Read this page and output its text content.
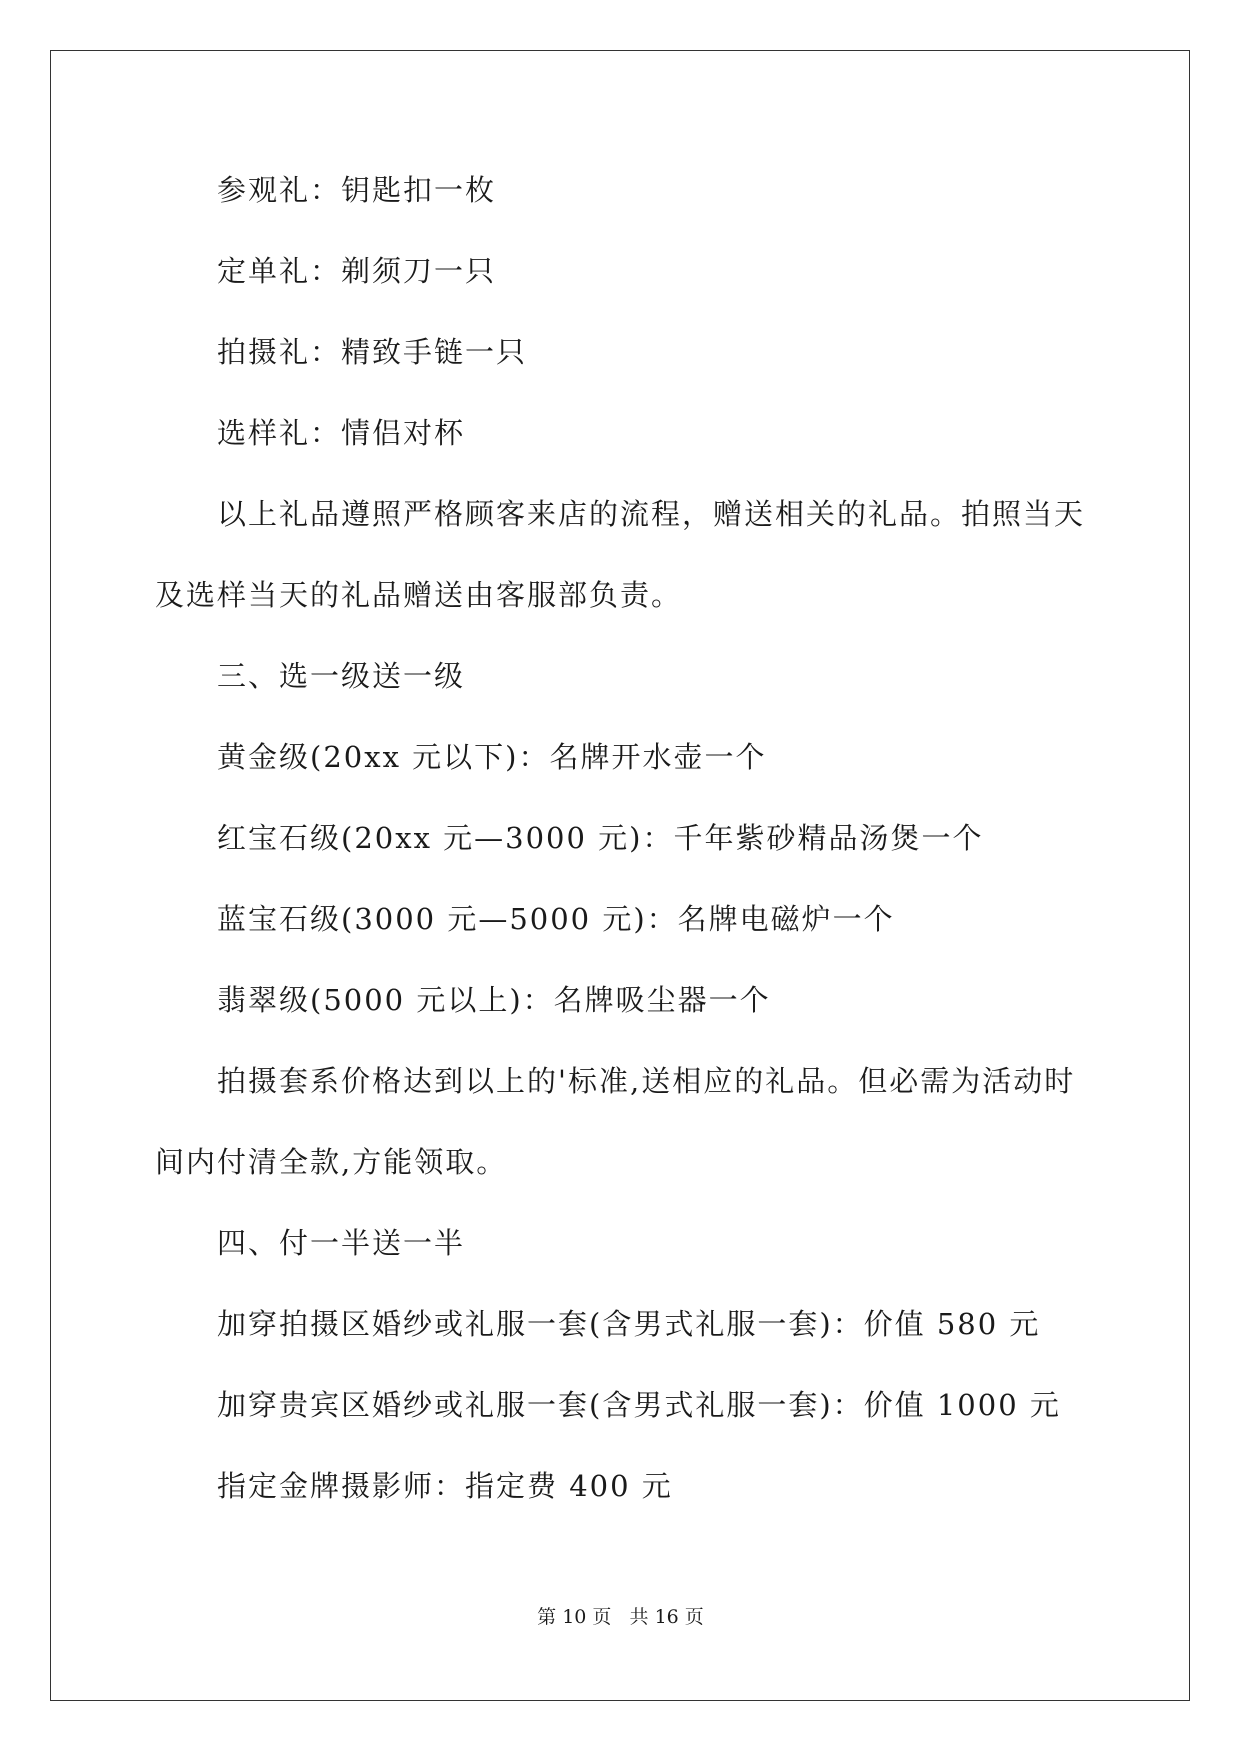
参观礼：钥匙扣一枚
定单礼：剃须刀一只
拍摄礼：精致手链一只
选样礼：情侣对杯
以上礼品遵照严格顾客来店的流程，赠送相关的礼品。拍照当天
及选样当天的礼品赠送由客服部负责。
三、选一级送一级
黄金级(20xx 元以下)：名牌开水壶一个
红宝石级(20xx 元—3000 元)：千年紫砂精品汤煲一个
蓝宝石级(3000 元—5000 元)：名牌电磁炉一个
翡翠级(5000 元以上)：名牌吸尘器一个
拍摄套系价格达到以上的'标准,送相应的礼品。但必需为活动时
间内付清全款,方能领取。
四、付一半送一半
加穿拍摄区婚纱或礼服一套(含男式礼服一套)：价值 580 元
加穿贵宾区婚纱或礼服一套(含男式礼服一套)：价值 1000 元
指定金牌摄影师：指定费 400 元
第 10 页   共 16 页
